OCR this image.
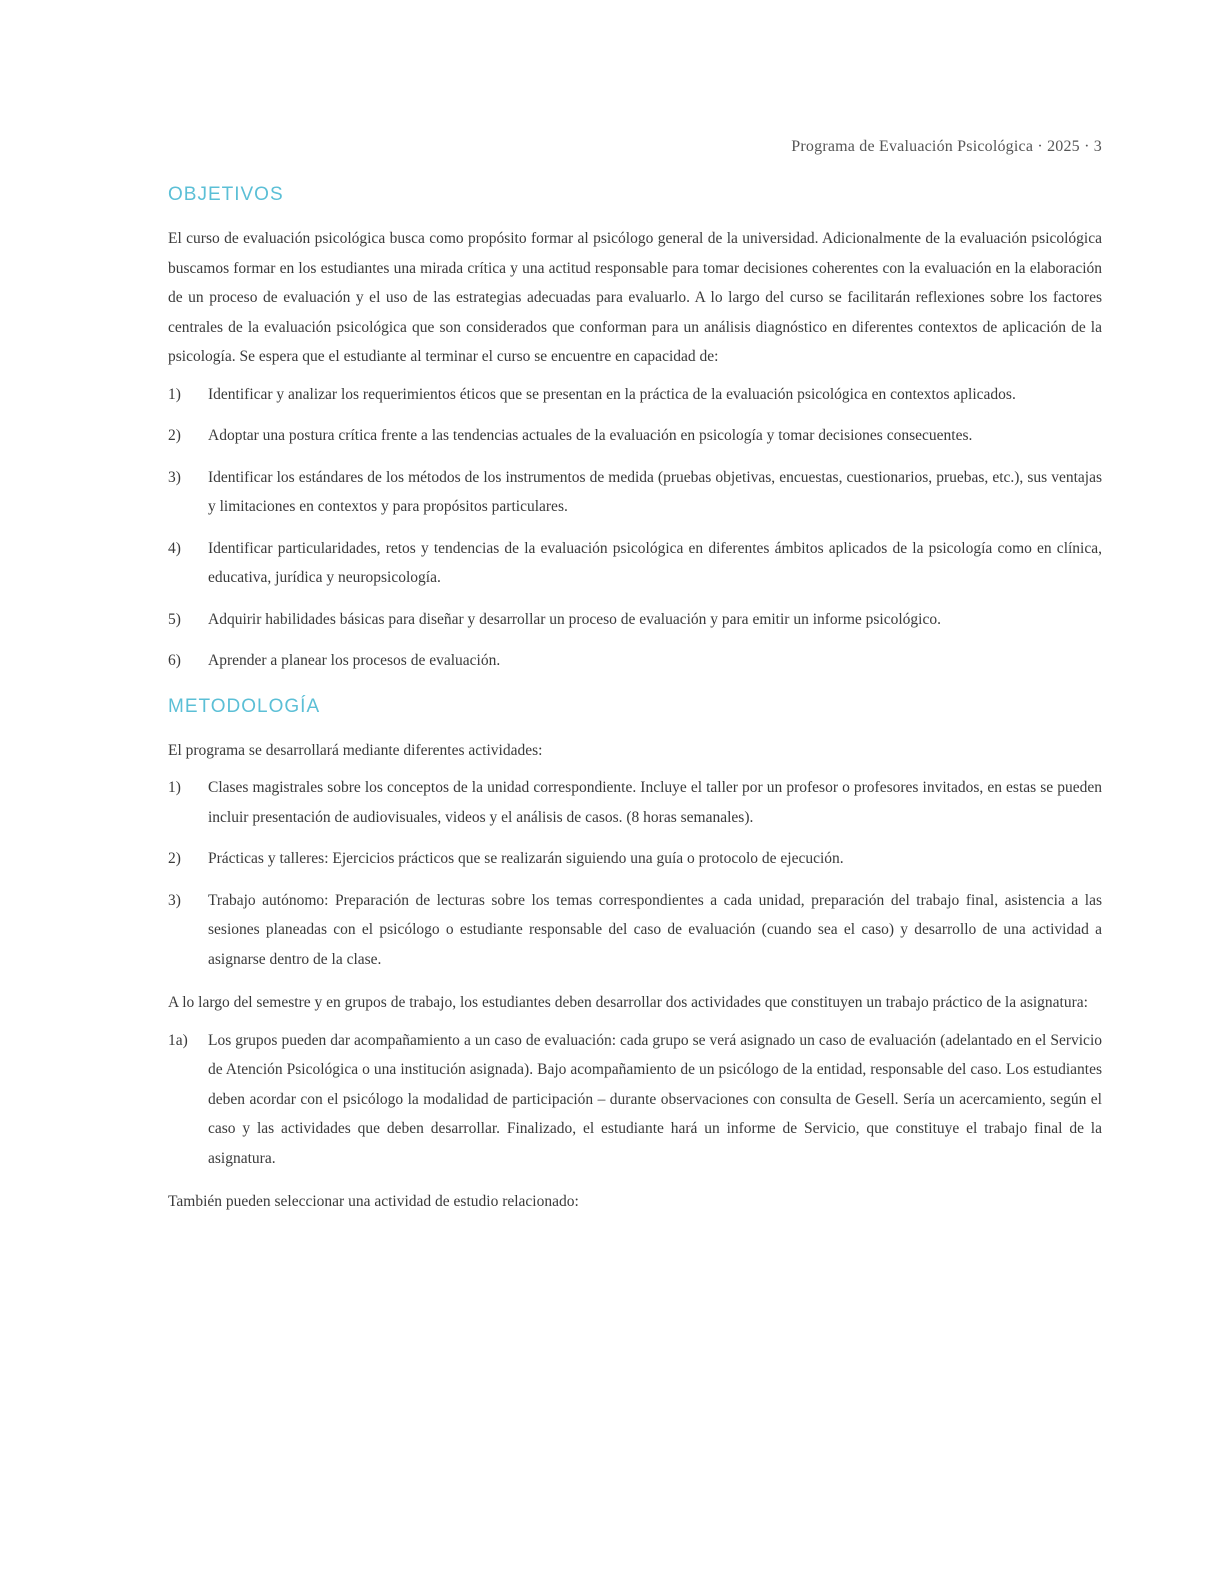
Programa de Evaluación Psicológica · 2025 · 3
OBJETIVOS

El curso de evaluación psicológica busca como propósito formar al psicólogo general de la universidad. Adicionalmente de la evaluación psicológica buscamos formar en los estudiantes una mirada crítica y una actitud responsable para tomar decisiones coherentes con la evaluación en la elaboración de un proceso de evaluación y el uso de las estrategias adecuadas para evaluarlo. A lo largo del curso se facilitarán reflexiones sobre los factores centrales de la evaluación psicológica que son considerados que conforman para un análisis diagnóstico en diferentes contextos de aplicación de la psicología. Se espera que el estudiante al terminar el curso se encuentre en capacidad de:

1)	Identificar y analizar los requerimientos éticos que se presentan en la práctica de la evaluación psicológica en contextos aplicados.
2)	Adoptar una postura crítica frente a las tendencias actuales de la evaluación en psicología y tomar decisiones consecuentes.
3)	Identificar los estándares de los métodos de los instrumentos de medida (pruebas objetivas, encuestas, cuestionarios, pruebas, etc.), sus ventajas y limitaciones en contextos y para propósitos particulares.
4)	Identificar particularidades, retos y tendencias de la evaluación psicológica en diferentes ámbitos aplicados de la psicología como en clínica, educativa, jurídica y neuropsicología.
5)	Adquirir habilidades básicas para diseñar y desarrollar un proceso de evaluación y para emitir un informe psicológico.
6)	Aprender a planear los procesos de evaluación.
METODOLOGÍA

El programa se desarrollará mediante diferentes actividades:

1)	Clases magistrales sobre los conceptos de la unidad correspondiente. Incluye el taller por un profesor o profesores invitados, en estas se pueden incluir presentación de audiovisuales, videos y el análisis de casos. (8 horas semanales).
2)	Prácticas y talleres: Ejercicios prácticos que se realizarán siguiendo una guía o protocolo de ejecución.
3)	Trabajo autónomo: Preparación de lecturas sobre los temas correspondientes a cada unidad, preparación del trabajo final, asistencia a las sesiones planeadas con el psicólogo o estudiante responsable del caso de evaluación (cuando sea el caso) y desarrollo de una actividad a asignarse dentro de la clase.

A lo largo del semestre y en grupos de trabajo, los estudiantes deben desarrollar dos actividades que constituyen un trabajo práctico de la asignatura:

1a)	Los grupos pueden dar acompañamiento a un caso de evaluación: cada grupo se verá asignado un caso de evaluación (adelantado en el Servicio de Atención Psicológica o una institución asignada). Bajo acompañamiento de un psicólogo de la entidad, responsable del caso. Los estudiantes deben acordar con el psicólogo la modalidad de participación – durante observaciones con consulta de Gesell. Sería un acercamiento, según el caso y las actividades que deben desarrollar. Finalizado, el estudiante hará un informe de Servicio, que constituye el trabajo final de la asignatura.

También pueden seleccionar una actividad de estudio relacionado:
